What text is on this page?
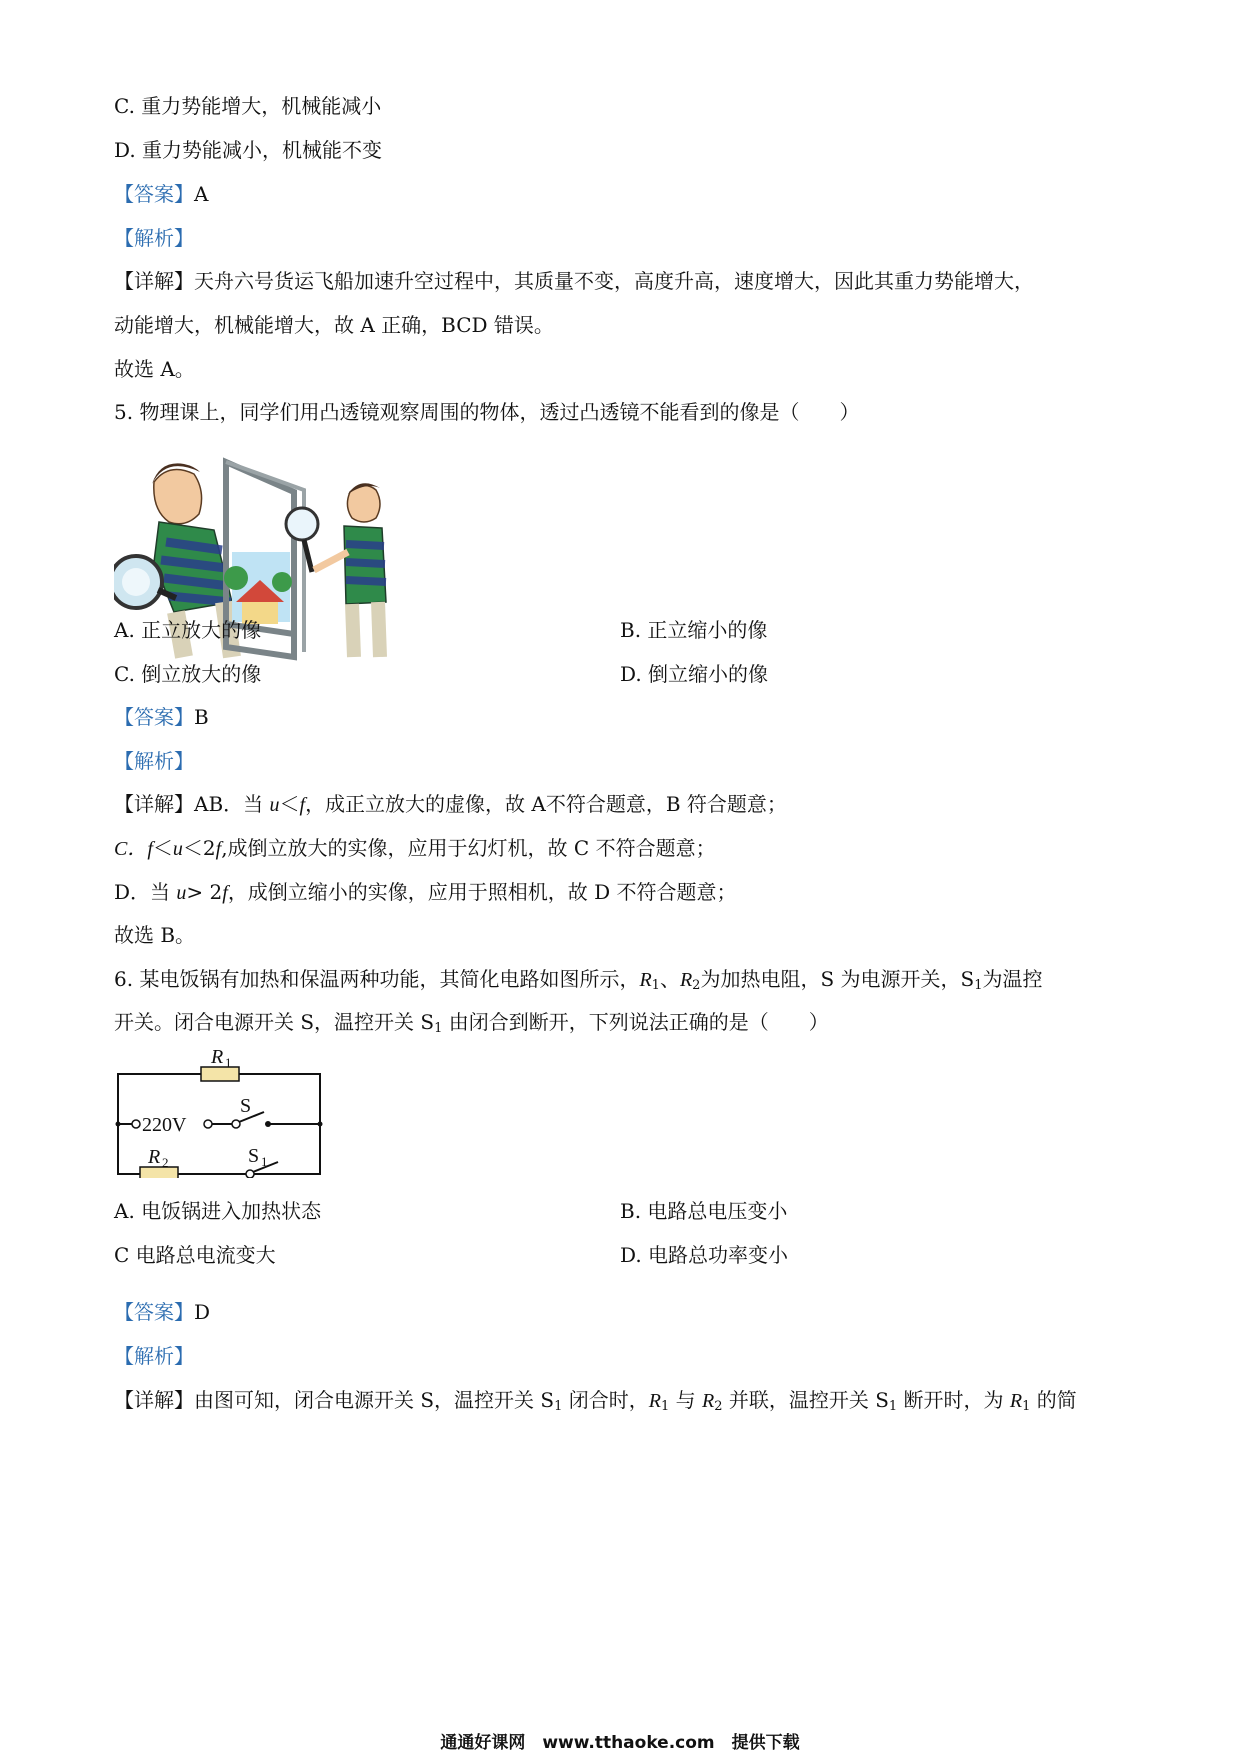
C. 重力势能增大，机械能减小
D. 重力势能减小，机械能不变
【答案】A
【解析】
【详解】天舟六号货运飞船加速升空过程中，其质量不变，高度升高，速度增大，因此其重力势能增大，
动能增大，机械能增大，故 A 正确，BCD 错误。
故选 A。
5. 物理课上，同学们用凸透镜观察周围的物体，透过凸透镜不能看到的像是（　　）
A. 正立放大的像	B. 正立缩小的像
C. 倒立放大的像	D. 倒立缩小的像
【答案】B
【解析】
【详解】AB．当 u＜f，成正立放大的虚像，故 A不符合题意，B 符合题意；
C．f＜u＜2f,成倒立放大的实像，应用于幻灯机，故 C 不符合题意；
D．当 u> 2f，成倒立缩小的实像，应用于照相机，故 D 不符合题意；
故选 B。
6. 某电饭锅有加热和保温两种功能，其简化电路如图所示，$R_1$、$R_2$为加热电阻，S 为电源开关，$S_1$为温控
开关。闭合电源开关 S，温控开关 $S_1$ 由闭合到断开，下列说法正确的是（　　）
R 1
220V
S
R 2	S 1
A. 电饭锅进入加热状态	B. 电路总电压变小
C 电路总电流变大	D. 电路总功率变小
【答案】D
【解析】
【详解】由图可知，闭合电源开关 S，温控开关 $S_1$ 闭合时，$R_1$ 与 $R_2$ 并联，温控开关 $S_1$ 断开时，为 $R_1$ 的简
通通好课网　www.tthaoke.com　提供下载
